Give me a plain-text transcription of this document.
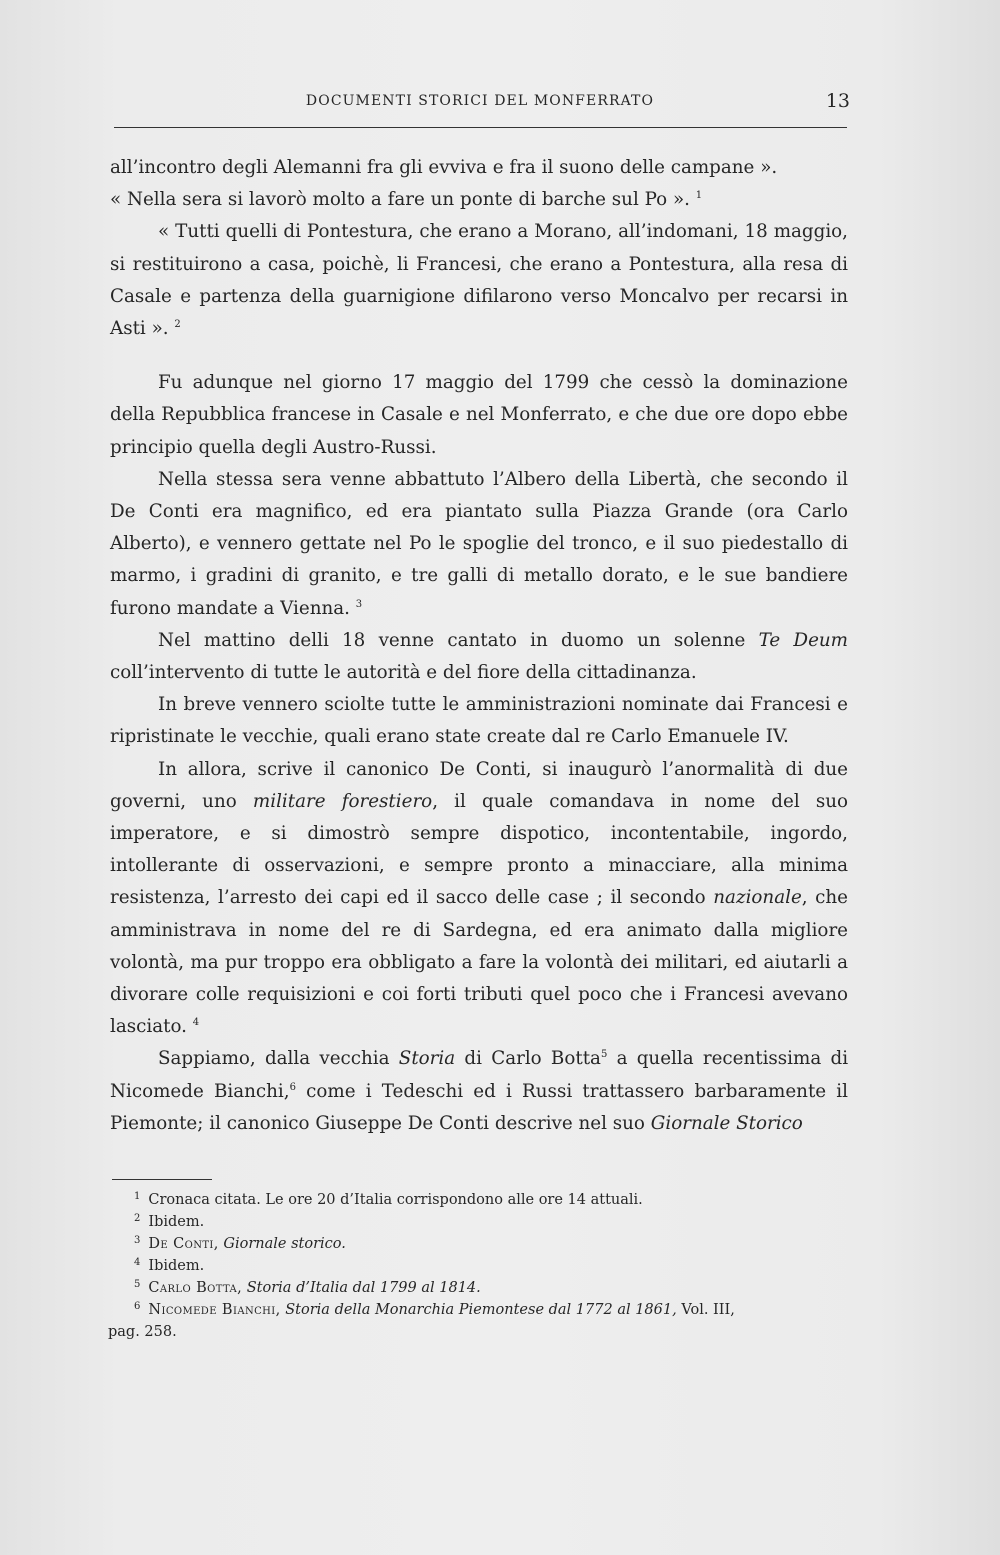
DOCUMENTI STORICI DEL MONFERRATO	13

all’incontro degli Alemanni fra gli evviva e fra il suono delle campane ».

« Nella sera si lavorò molto a fare un ponte di barche sul Po ». $^1$

« Tutti quelli di Pontestura, che erano a Morano, all’indomani, 18 maggio, si restituirono a casa, poichè, li Francesi, che erano a Pontestura, alla resa di Casale e partenza della guarnigione difilarono verso Moncalvo per recarsi in Asti ». $^2$

Fu adunque nel giorno 17 maggio del 1799 che cessò la dominazione della Repubblica francese in Casale e nel Monferrato, e che due ore dopo ebbe principio quella degli Austro-Russi.

Nella stessa sera venne abbattuto l’Albero della Libertà, che secondo il De Conti era magnifico, ed era piantato sulla Piazza Grande (ora Carlo Alberto), e vennero gettate nel Po le spoglie del tronco, e il suo piedestallo di marmo, i gradini di granito, e tre galli di metallo dorato, e le sue bandiere furono mandate a Vienna. $^3$

Nel mattino delli 18 venne cantato in duomo un solenne Te Deum coll’intervento di tutte le autorità e del fiore della cittadinanza.

In breve vennero sciolte tutte le amministrazioni nominate dai Francesi e ripristinate le vecchie, quali erano state create dal re Carlo Emanuele IV.

In allora, scrive il canonico De Conti, si inaugurò l’anormalità di due governi, uno militare forestiero, il quale comandava in nome del suo imperatore, e si dimostrò sempre dispotico, incontentabile, ingordo, intollerante di osservazioni, e sempre pronto a minacciare, alla minima resistenza, l’arresto dei capi ed il sacco delle case ; il secondo nazionale, che amministrava in nome del re di Sardegna, ed era animato dalla migliore volontà, ma pur troppo era obbligato a fare la volontà dei militari, ed aiutarli a divorare colle requisizioni e coi forti tributi quel poco che i Francesi avevano lasciato. $^4$

Sappiamo, dalla vecchia Storia di Carlo Botta$^5$ a quella recentissima di Nicomede Bianchi,$^6$ come i Tedeschi ed i Russi trattassero barbaramente il Piemonte; il canonico Giuseppe De Conti descrive nel suo Giornale Storico

$^1$ Cronaca citata. Le ore 20 d’Italia corrispondono alle ore 14 attuali.

$^2$ Ibidem.

$^3$ De Conti, Giornale storico.

$^4$ Ibidem.

$^5$ Carlo Botta, Storia d’Italia dal 1799 al 1814.

$^6$ Nicomede Bianchi, Storia della Monarchia Piemontese dal 1772 al 1861, Vol. III,

pag. 258.
